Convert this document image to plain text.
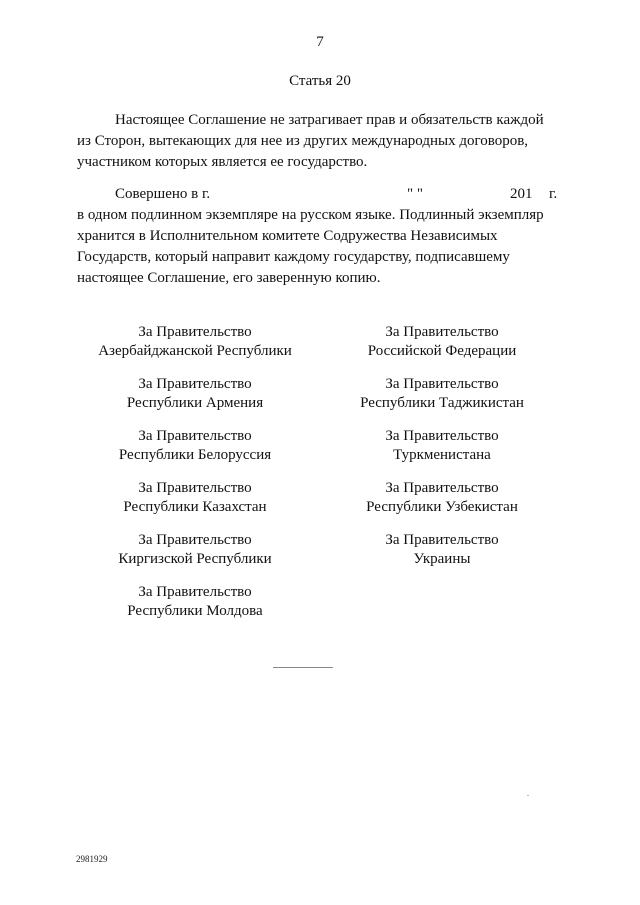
7
Статья 20

Настоящее Соглашение не затрагивает прав и обязательств каждой

из Сторон, вытекающих для нее из других международных договоров,

участником которых является ее государство.

Совершено в г.	" "	201 г.

в одном подлинном экземпляре на русском языке. Подлинный экземпляр

хранится в Исполнительном комитете Содружества Независимых

Государств, который направит каждому государству, подписавшему

настоящее Соглашение, его заверенную копию.

За Правительство
Азербайджанской Республики
За Правительство
Республики Армения
За Правительство
Республики Белоруссия
За Правительство
Республики Казахстан
За Правительство
Киргизской Республики
За Правительство
Республики Молдова
За Правительство
Российской Федерации
За Правительство
Республики Таджикистан
За Правительство
Туркменистана
За Правительство
Республики Узбекистан
За Правительство
Украины
2981929
